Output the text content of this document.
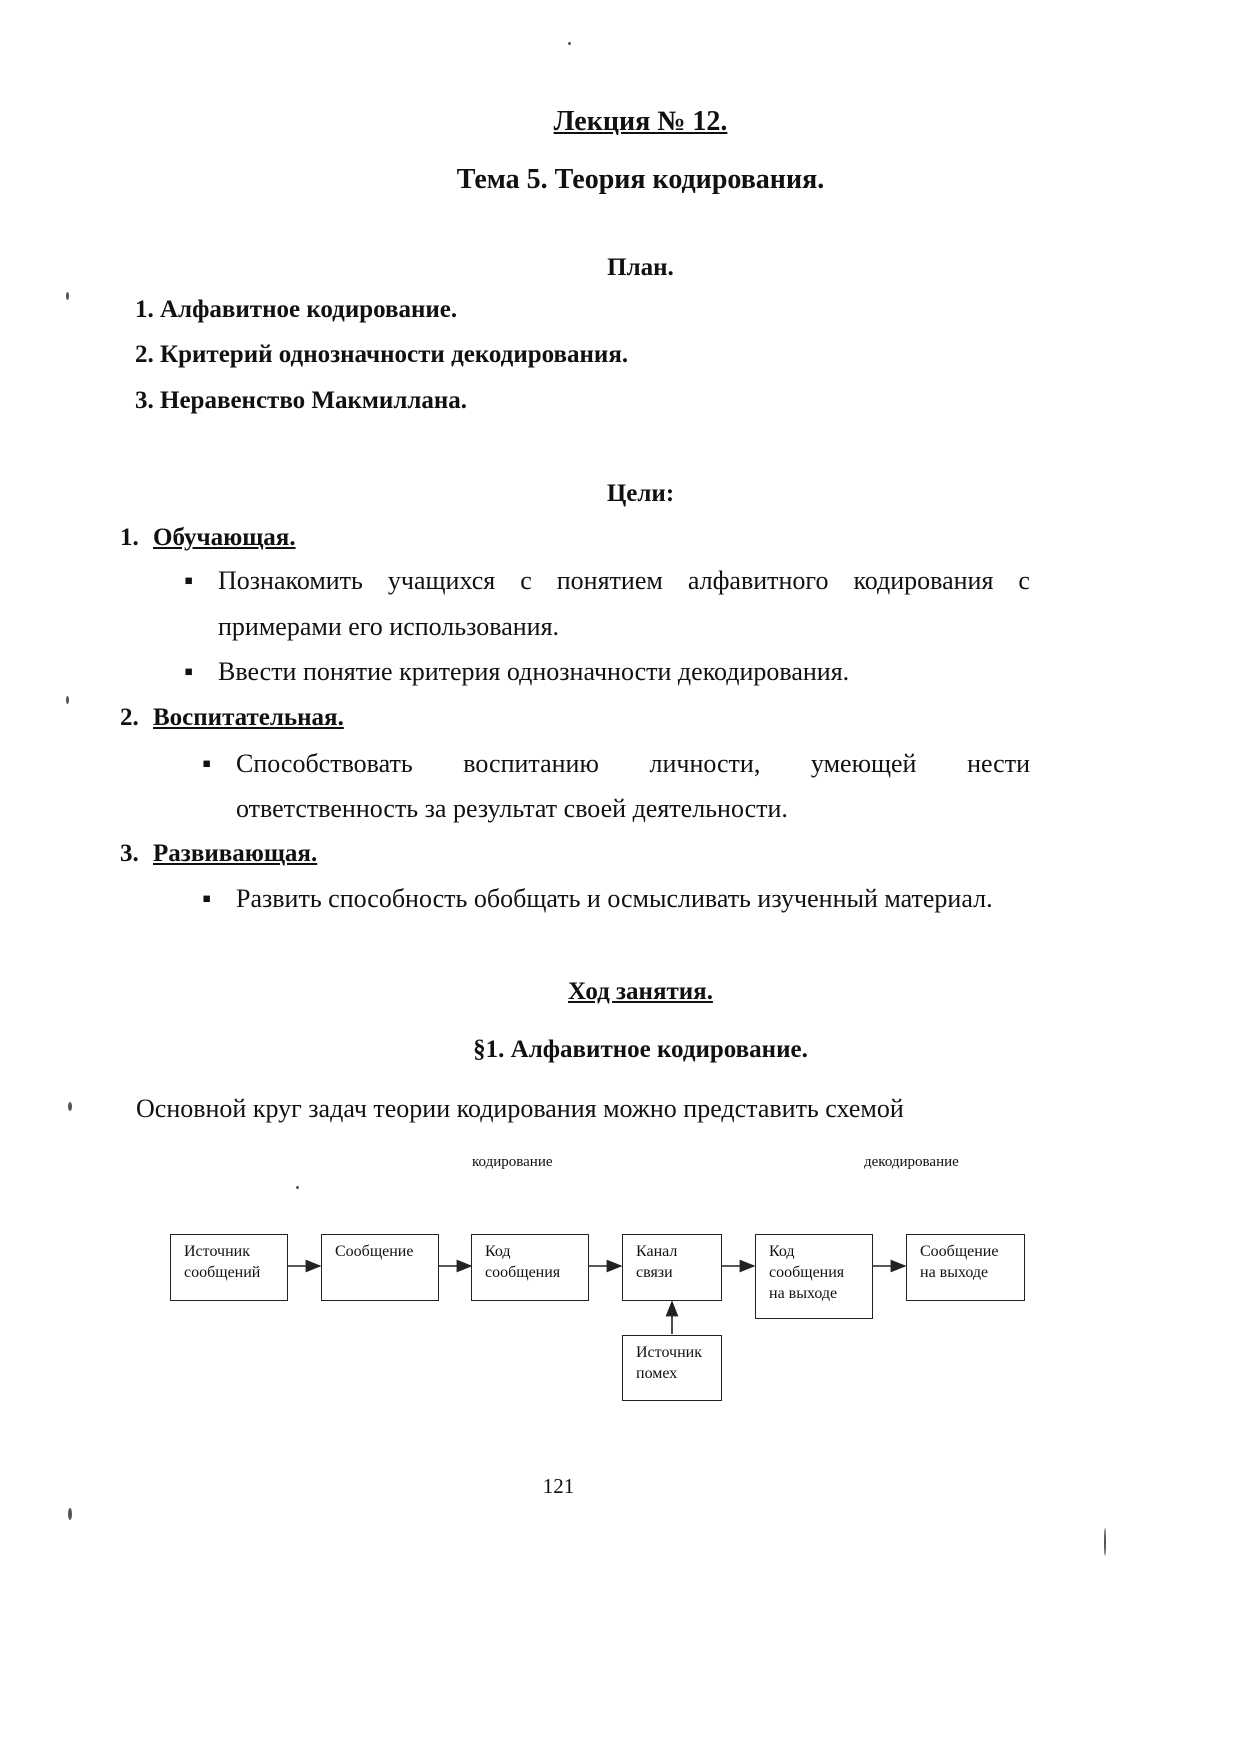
Лекция № 12.
Тема 5. Теория кодирования.
План.
1. Алфавитное кодирование.
2. Критерий однозначности декодирования.
3. Неравенство Макмиллана.
Цели:
1. Обучающая.
▪ Познакомить учащихся с понятием алфавитного кодирования с
примерами его использования.
▪ Ввести понятие критерия однозначности декодирования.
2. Воспитательная.
▪ Способствовать воспитанию личности, умеющей нести
ответственность за результат своей деятельности.
3. Развивающая.
▪ Развить способность обобщать и осмысливать изученный материал.
Ход занятия.
§1. Алфавитное кодирование.
Основной круг задач теории кодирования можно представить схемой
кодирование	декодирование
Источник
сообщений
Сообщение	Код
сообщения
Канал
связи
Код
сообщения
на выходе
Сообщение
на выходе
Источник
помех
121
